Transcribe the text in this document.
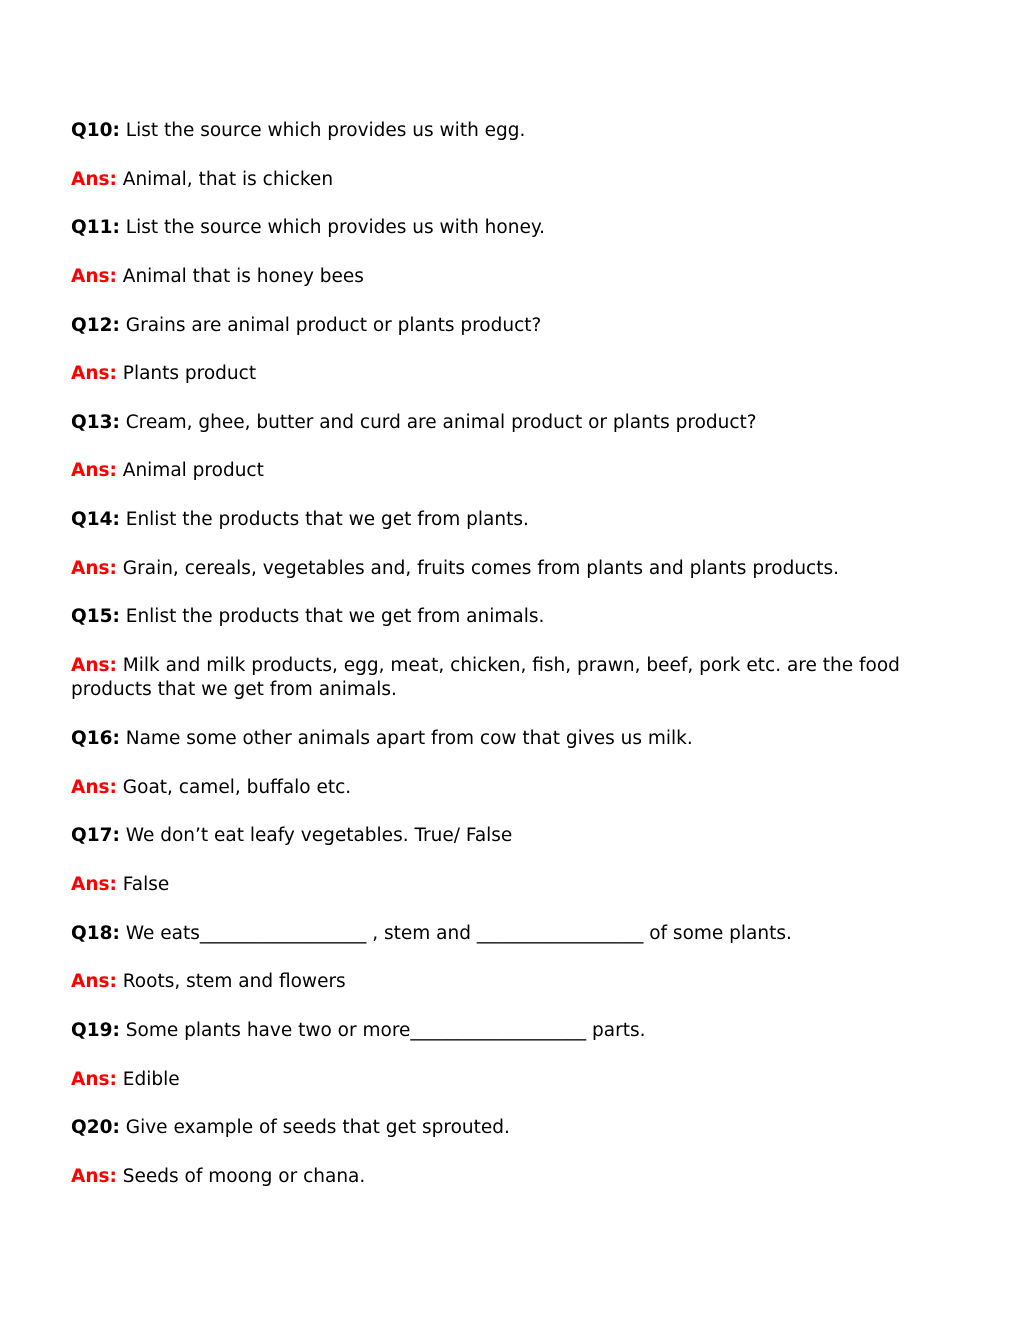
Q10: List the source which provides us with egg.

Ans: Animal, that is chicken

Q11: List the source which provides us with honey.

Ans: Animal that is honey bees

Q12: Grains are animal product or plants product?

Ans: Plants product

Q13: Cream, ghee, butter and curd are animal product or plants product?

Ans: Animal product

Q14: Enlist the products that we get from plants.

Ans: Grain, cereals, vegetables and, fruits comes from plants and plants products.

Q15: Enlist the products that we get from animals.

Ans: Milk and milk products, egg, meat, chicken, fish, prawn, beef, pork etc. are the food products that we get from animals.

Q16: Name some other animals apart from cow that gives us milk.

Ans: Goat, camel, buffalo etc.

Q17: We don’t eat leafy vegetables. True/ False

Ans: False

Q18: We eats__________________ , stem and __________________ of some plants.

Ans: Roots, stem and flowers

Q19: Some plants have two or more___________________ parts.

Ans: Edible

Q20: Give example of seeds that get sprouted.

Ans: Seeds of moong or chana.
